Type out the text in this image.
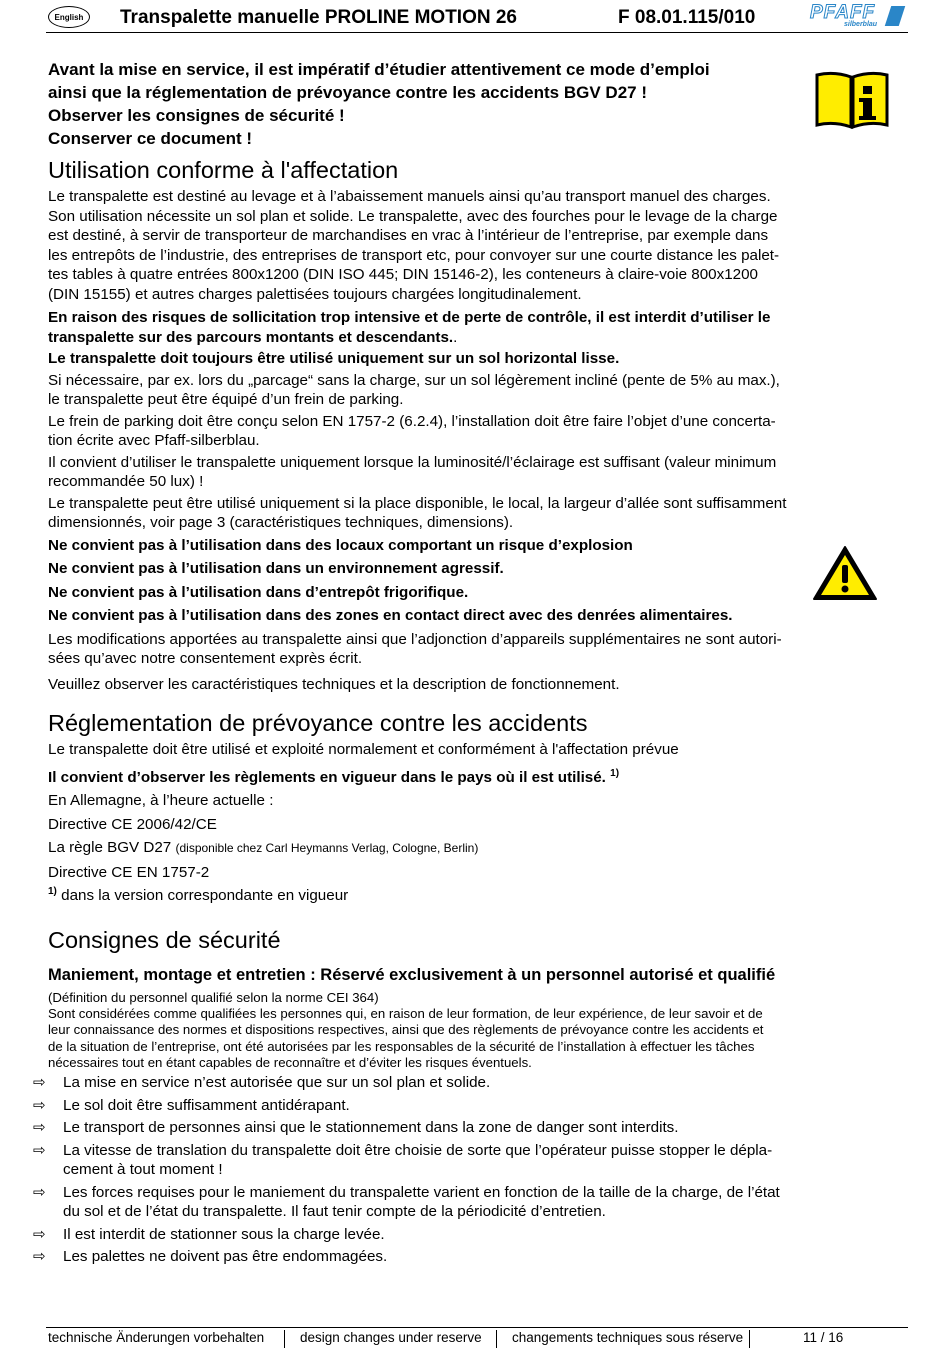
English	Transpalette manuelle PROLINE MOTION 26	F 08.01.115/010	PFAFF
silberblau

Avant la mise en service, il est impératif d’étudier attentivement ce mode d’emploi

ainsi que la réglementation de prévoyance contre les accidents BGV D27 !

Observer les consignes de sécurité !

Conserver ce document !

Utilisation conforme à l'affectation

Le transpalette est destiné au levage et à l’abaissement manuels ainsi qu’au transport manuel des charges.

Son utilisation nécessite un sol plan et solide. Le transpalette, avec des fourches pour le levage de la charge

est destiné, à servir de transporteur de marchandises en vrac à l’intérieur de l’entreprise, par exemple dans

les entrepôts de l’industrie, des entreprises de transport etc, pour convoyer sur une courte distance les palet-

tes tables à quatre entrées 800x1200 (DIN ISO 445; DIN 15146-2), les conteneurs à claire-voie 800x1200

(DIN 15155) et autres charges palettisées toujours chargées longitudinalement.

En raison des risques de sollicitation trop intensive et de perte de contrôle, il est interdit d’utiliser le

transpalette sur des parcours montants et descendants..

Le transpalette doit toujours être utilisé uniquement sur un sol horizontal lisse.

Si nécessaire, par ex. lors du „parcage“ sans la charge, sur un sol légèrement incliné (pente de 5% au max.),

le transpalette peut être équipé d’un frein de parking.

Le frein de parking doit être conçu selon EN 1757-2 (6.2.4), l’installation doit être faire l’objet d’une concerta-

tion écrite avec Pfaff-silberblau.

Il convient d’utiliser le transpalette uniquement lorsque la luminosité/l’éclairage est suffisant (valeur minimum

recommandée 50 lux) !

Le transpalette peut être utilisé uniquement si la place disponible, le local, la largeur d’allée sont suffisamment

dimensionnés, voir page 3 (caractéristiques techniques, dimensions).

Ne convient pas à l’utilisation dans des locaux comportant un risque d’explosion

Ne convient pas à l’utilisation dans un environnement agressif.

Ne convient pas à l’utilisation dans d’entrepôt frigorifique.

Ne convient pas à l’utilisation dans des zones en contact direct avec des denrées alimentaires.

Les modifications apportées au transpalette ainsi que l’adjonction d’appareils supplémentaires ne sont autori-

sées qu’avec notre consentement exprès écrit.

Veuillez observer les caractéristiques techniques et la description de fonctionnement.

Réglementation de prévoyance contre les accidents

Le transpalette doit être utilisé et exploité normalement et conformément à l'affectation prévue

Il convient d’observer les règlements en vigueur dans le pays où il est utilisé. $^{1)}$

En Allemagne, à l’heure actuelle :

Directive CE 2006/42/CE

La règle BGV D27 (disponible chez Carl Heymanns Verlag, Cologne, Berlin)

Directive CE EN 1757-2

$^{1)}$ dans la version correspondante en vigueur

Consignes de sécurité
Maniement, montage et entretien : Réservé exclusivement à un personnel autorisé et qualifié

(Définition du personnel qualifié selon la norme CEI 364)

Sont considérées comme qualifiées les personnes qui, en raison de leur formation, de leur expérience, de leur savoir et de

leur connaissance des normes et dispositions respectives, ainsi que des règlements de prévoyance contre les accidents et

de la situation de l’entreprise, ont été autorisées par les responsables de la sécurité de l’installation à effectuer les tâches

nécessaires tout en étant capables de reconnaître et d’éviter les risques éventuels.

⇨ La mise en service n’est autorisée que sur un sol plan et solide.

⇨ Le sol doit être suffisamment antidérapant.

⇨ Le transport de personnes ainsi que le stationnement dans la zone de danger sont interdits.

⇨ La vitesse de translation du transpalette doit être choisie de sorte que l’opérateur puisse stopper le dépla-
cement à tout moment !

⇨ Les forces requises pour le maniement du transpalette varient en fonction de la taille de la charge, de l’état
du sol et de l’état du transpalette. Il faut tenir compte de la périodicité d’entretien.

⇨ Il est interdit de stationner sous la charge levée.

⇨ Les palettes ne doivent pas être endommagées.

technische Änderungen vorbehalten	design changes under reserve changements techniques sous réserve	11 / 16
